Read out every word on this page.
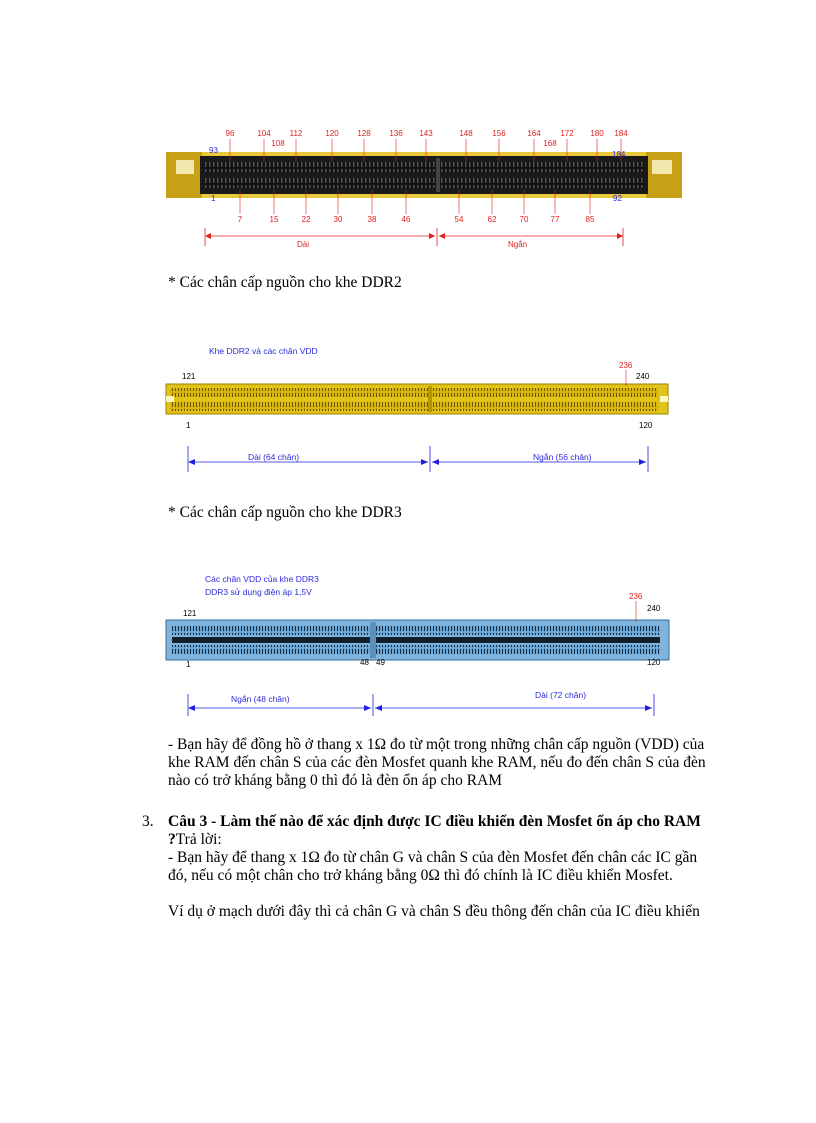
96	104 112	120 128 136 143	148 156	164 172 180 184
108	168
7	15	22	30	38	46	54	62	70	77	85
93	184
1	92
Dài	Ngắn
Khe DDR2 và các chân VDD
236
121	240
1	120
Dài (64 chân)	Ngắn (56 chân)
Các chân VDD của khe DDR3
DDR3 sử dụng điện áp 1,5V	236
121
240
1	48 49	120
Ngắn (48 chân)	Dài (72 chân)
* Các chân cấp nguồn cho khe DDR2
* Các chân cấp nguồn cho khe DDR3
- Bạn hãy để đồng hồ ở thang x 1Ω đo từ một trong những chân cấp nguồn (VDD) của khe RAM đến chân S của các đèn Mosfet quanh khe RAM, nếu đo đến chân S của đèn nào có trở kháng bằng 0 thì đó là đèn ổn áp cho RAM
3. Câu 3 - Làm thế nào để xác định được IC điều khiển đèn Mosfet ổn áp cho RAM ?Trả lời:
- Bạn hãy để thang x 1Ω đo từ chân G và chân S của đèn Mosfet đến chân các IC gần đó, nếu có một chân cho trở kháng bằng 0Ω thì đó chính là IC điều khiển Mosfet.

Ví dụ ở mạch dưới đây thì cả chân G và chân S đều thông đến chân của IC điều khiển
